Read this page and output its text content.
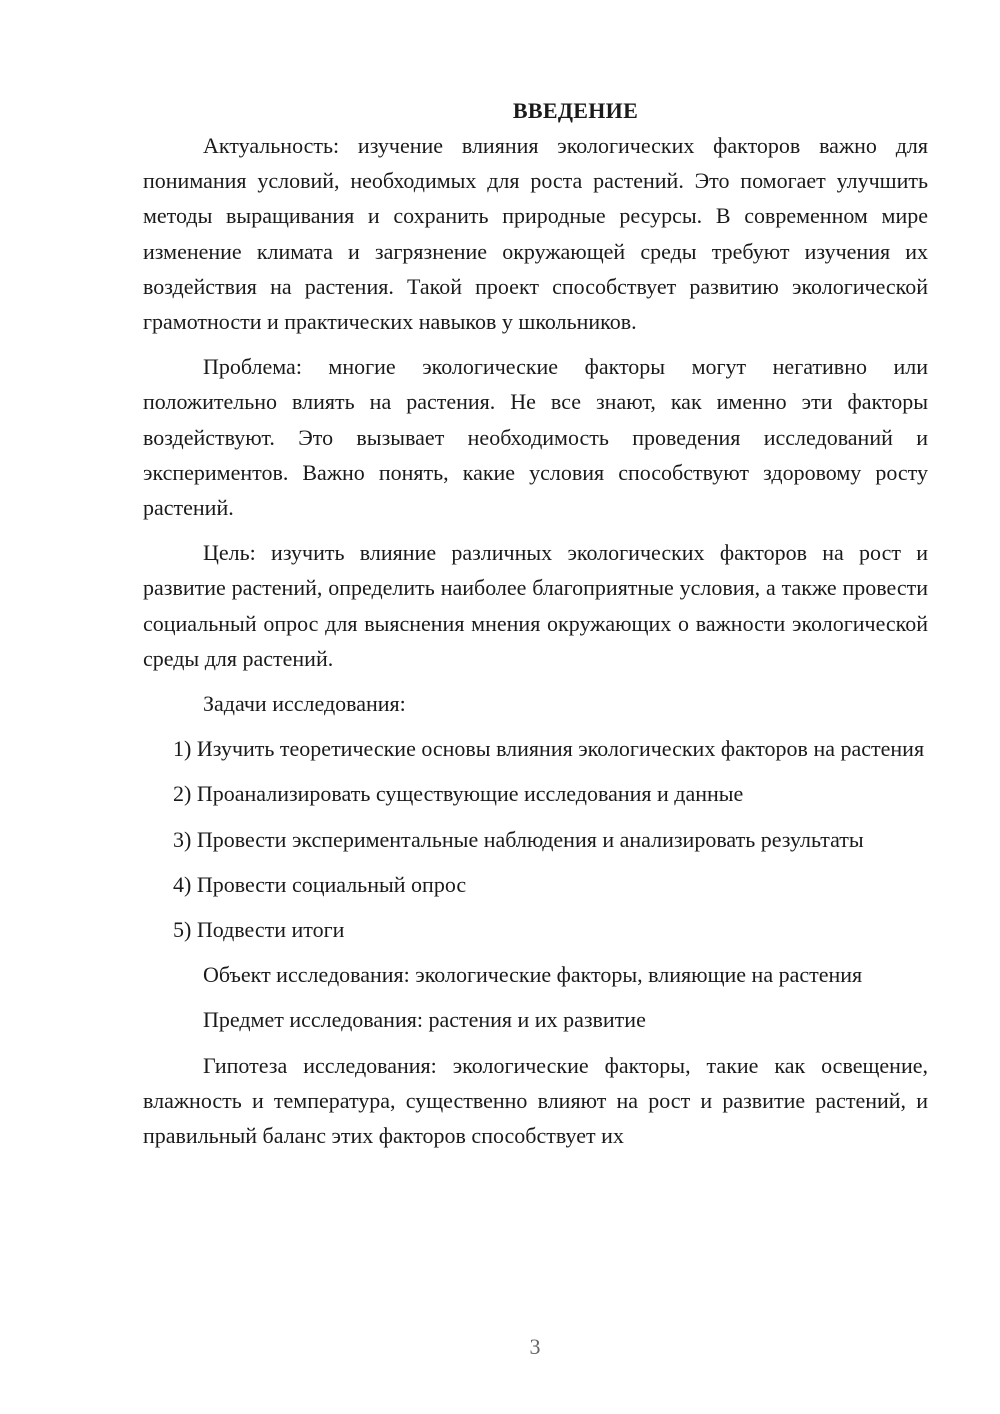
ВВЕДЕНИЕ

Актуальность: изучение влияния экологических факторов важно для понимания условий, необходимых для роста растений. Это помогает улучшить методы выращивания и сохранить природные ресурсы. В современном мире изменение климата и загрязнение окружающей среды требуют изучения их воздействия на растения. Такой проект способствует развитию экологической грамотности и практических навыков у школьников.

Проблема: многие экологические факторы могут негативно или положительно влиять на растения. Не все знают, как именно эти факторы воздействуют. Это вызывает необходимость проведения исследований и экспериментов. Важно понять, какие условия способствуют здоровому росту растений.

Цель: изучить влияние различных экологических факторов на рост и развитие растений, определить наиболее благоприятные условия, а также провести социальный опрос для выяснения мнения окружающих о важности экологической среды для растений.

Задачи исследования:

1) Изучить теоретические основы влияния экологических факторов на растения

2) Проанализировать существующие исследования и данные

3) Провести экспериментальные наблюдения и анализировать результаты

4) Провести социальный опрос

5) Подвести итоги

Объект исследования: экологические факторы, влияющие на растения

Предмет исследования: растения и их развитие

Гипотеза исследования: экологические факторы, такие как освещение, влажность и температура, существенно влияют на рост и развитие растений, и правильный баланс этих факторов способствует их

3
